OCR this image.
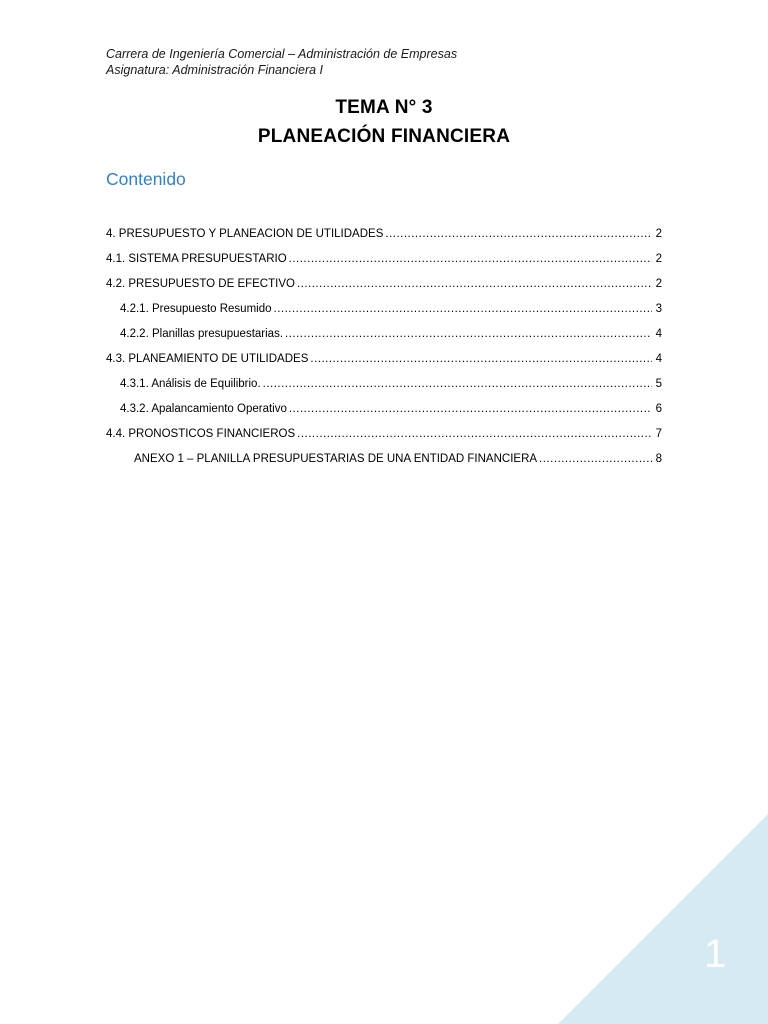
Carrera de Ingeniería Comercial – Administración de Empresas
Asignatura: Administración Financiera I
TEMA N° 3
PLANEACIÓN FINANCIERA
Contenido
4. PRESUPUESTO Y PLANEACION DE UTILIDADES .....	2
4.1. SISTEMA PRESUPUESTARIO .....	2
4.2. PRESUPUESTO DE EFECTIVO .....	2
4.2.1. Presupuesto Resumido .....	3
4.2.2. Planillas presupuestarias. .....	4
4.3. PLANEAMIENTO DE UTILIDADES .....	4
4.3.1. Análisis de Equilibrio. .....	5
4.3.2. Apalancamiento Operativo .....	6
4.4. PRONOSTICOS FINANCIEROS .....	7
ANEXO 1 – PLANILLA PRESUPUESTARIAS DE UNA ENTIDAD FINANCIERA .....	8
1
